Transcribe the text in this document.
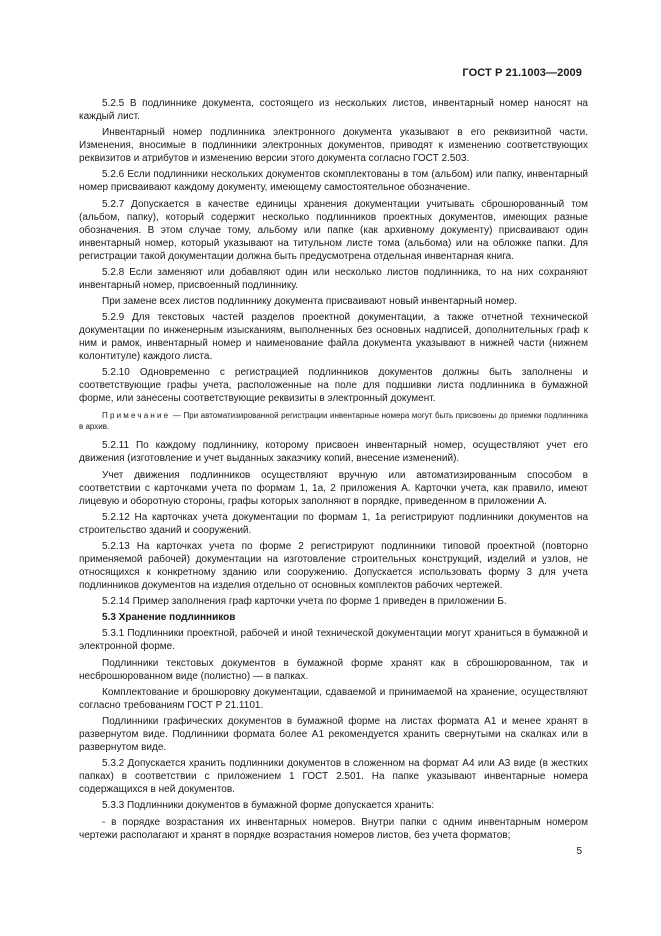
ГОСТ Р 21.1003—2009

5.2.5 В подлиннике документа, состоящего из нескольких листов, инвентарный номер наносят на каждый лист.

Инвентарный номер подлинника электронного документа указывают в его реквизитной части. Изменения, вносимые в подлинники электронных документов, приводят к изменению соответствующих реквизитов и атрибутов и изменению версии этого документа согласно ГОСТ 2.503.

5.2.6 Если подлинники нескольких документов скомплектованы в том (альбом) или папку, инвентарный номер присваивают каждому документу, имеющему самостоятельное обозначение.

5.2.7 Допускается в качестве единицы хранения документации учитывать сброшюрованный том (альбом, папку), который содержит несколько подлинников проектных документов, имеющих разные обозначения. В этом случае тому, альбому или папке (как архивному документу) присваивают один инвентарный номер, который указывают на титульном листе тома (альбома) или на обложке папки. Для регистрации такой документации должна быть предусмотрена отдельная инвентарная книга.

5.2.8 Если заменяют или добавляют один или несколько листов подлинника, то на них сохраняют инвентарный номер, присвоенный подлиннику.

При замене всех листов подлиннику документа присваивают новый инвентарный номер.

5.2.9 Для текстовых частей разделов проектной документации, а также отчетной технической документации по инженерным изысканиям, выполненных без основных надписей, дополнительных граф к ним и рамок, инвентарный номер и наименование файла документа указывают в нижней части (нижнем колонтитуле) каждого листа.

5.2.10 Одновременно с регистрацией подлинников документов должны быть заполнены и соответствующие графы учета, расположенные на поле для подшивки листа подлинника в бумажной форме, или занесены соответствующие реквизиты в электронный документ.

Примечание — При автоматизированной регистрации инвентарные номера могут быть присвоены до приемки подлинника в архив.

5.2.11 По каждому подлиннику, которому присвоен инвентарный номер, осуществляют учет его движения (изготовление и учет выданных заказчику копий, внесение изменений).

Учет движения подлинников осуществляют вручную или автоматизированным способом в соответствии с карточками учета по формам 1, 1а, 2 приложения А. Карточки учета, как правило, имеют лицевую и оборотную стороны, графы которых заполняют в порядке, приведенном в приложении А.

5.2.12 На карточках учета документации по формам 1, 1а регистрируют подлинники документов на строительство зданий и сооружений.

5.2.13 На карточках учета по форме 2 регистрируют подлинники типовой проектной (повторно применяемой рабочей) документации на изготовление строительных конструкций, изделий и узлов, не относящихся к конкретному зданию или сооружению. Допускается использовать форму 3 для учета подлинников документов на изделия отдельно от основных комплектов рабочих чертежей.

5.2.14 Пример заполнения граф карточки учета по форме 1 приведен в приложении Б.

5.3 Хранение подлинников

5.3.1 Подлинники проектной, рабочей и иной технической документации могут храниться в бумажной и электронной форме.

Подлинники текстовых документов в бумажной форме хранят как в сброшюрованном, так и несброшюрованном виде (полистно) — в папках.

Комплектование и брошюровку документации, сдаваемой и принимаемой на хранение, осуществляют согласно требованиям ГОСТ Р 21.1101.

Подлинники графических документов в бумажной форме на листах формата А1 и менее хранят в развернутом виде. Подлинники формата более А1 рекомендуется хранить свернутыми на скалках или в развернутом виде.

5.3.2 Допускается хранить подлинники документов в сложенном на формат А4 или А3 виде (в жестких папках) в соответствии с приложением 1 ГОСТ 2.501. На папке указывают инвентарные номера содержащихся в ней документов.

5.3.3 Подлинники документов в бумажной форме допускается хранить:

- в порядке возрастания их инвентарных номеров. Внутри папки с одним инвентарным номером чертежи располагают и хранят в порядке возрастания номеров листов, без учета форматов;

5
